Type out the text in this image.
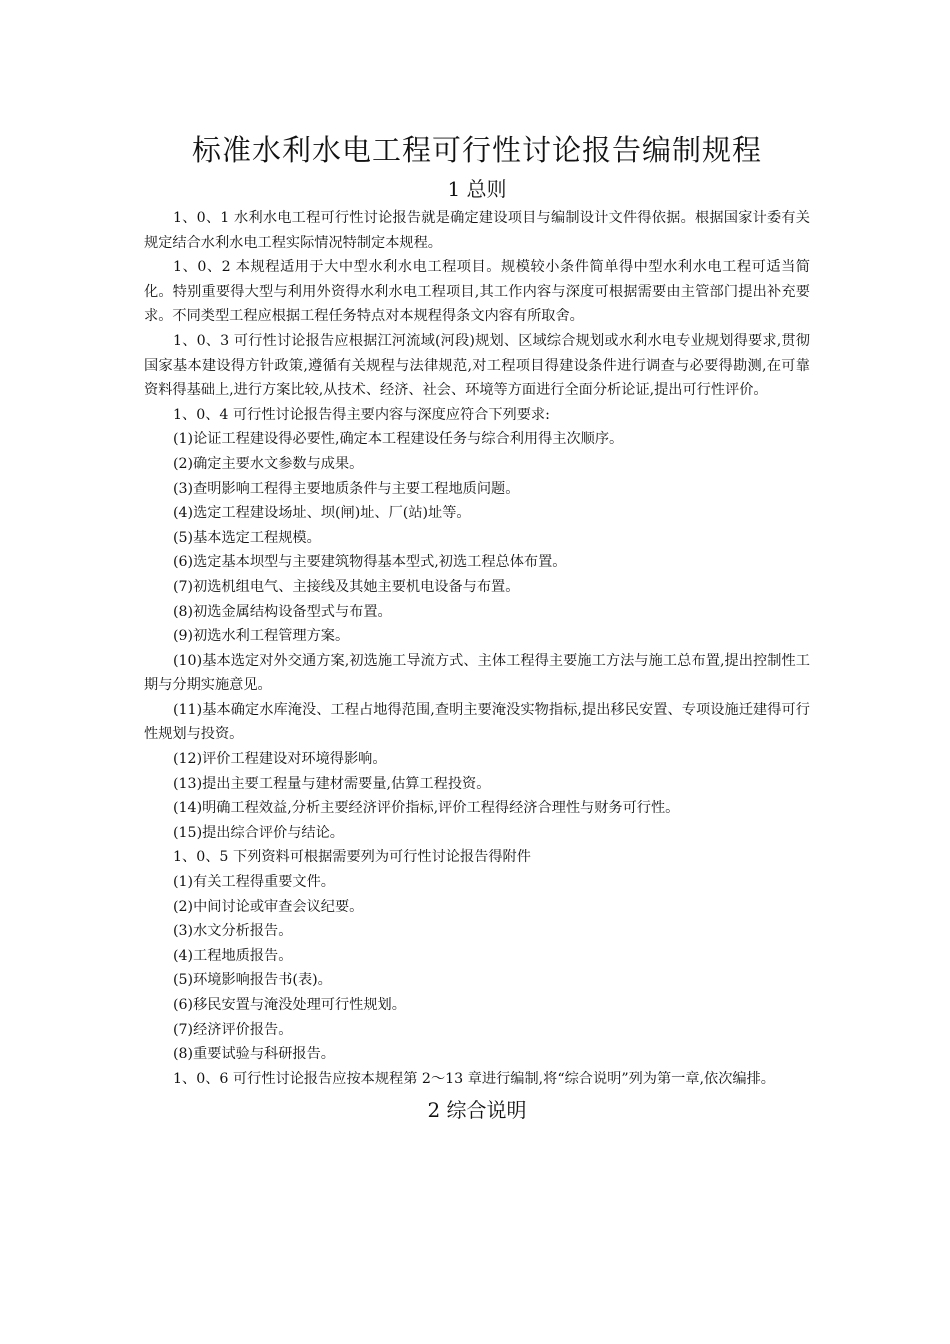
标准水利水电工程可行性讨论报告编制规程
1 总则

1、0、1 水利水电工程可行性讨论报告就是确定建设项目与编制设计文件得依据。根据国家计委有关规定结合水利水电工程实际情况特制定本规程。

1、0、2 本规程适用于大中型水利水电工程项目。规模较小条件简单得中型水利水电工程可适当简化。特别重要得大型与利用外资得水利水电工程项目,其工作内容与深度可根据需要由主管部门提出补充要求。不同类型工程应根据工程任务特点对本规程得条文内容有所取舍。

1、0、3 可行性讨论报告应根据江河流域(河段)规划、区域综合规划或水利水电专业规划得要求,贯彻国家基本建设得方针政策,遵循有关规程与法律规范,对工程项目得建设条件进行调查与必要得勘测,在可靠资料得基础上,进行方案比较,从技术、经济、社会、环境等方面进行全面分析论证,提出可行性评价。

1、0、4 可行性讨论报告得主要内容与深度应符合下列要求:

(1)论证工程建设得必要性,确定本工程建设任务与综合利用得主次顺序。

(2)确定主要水文参数与成果。

(3)查明影响工程得主要地质条件与主要工程地质问题。

(4)选定工程建设场址、坝(闸)址、厂(站)址等。

(5)基本选定工程规模。

(6)选定基本坝型与主要建筑物得基本型式,初选工程总体布置。

(7)初选机组电气、主接线及其她主要机电设备与布置。

(8)初选金属结构设备型式与布置。

(9)初选水利工程管理方案。

(10)基本选定对外交通方案,初选施工导流方式、主体工程得主要施工方法与施工总布置,提出控制性工期与分期实施意见。

(11)基本确定水库淹没、工程占地得范围,查明主要淹没实物指标,提出移民安置、专项设施迁建得可行性规划与投资。

(12)评价工程建设对环境得影响。

(13)提出主要工程量与建材需要量,估算工程投资。

(14)明确工程效益,分析主要经济评价指标,评价工程得经济合理性与财务可行性。

(15)提出综合评价与结论。

1、0、5 下列资料可根据需要列为可行性讨论报告得附件

(1)有关工程得重要文件。

(2)中间讨论或审查会议纪要。

(3)水文分析报告。

(4)工程地质报告。

(5)环境影响报告书(表)。

(6)移民安置与淹没处理可行性规划。

(7)经济评价报告。

(8)重要试验与科研报告。

1、0、6 可行性讨论报告应按本规程第 2～13 章进行编制,将“综合说明”列为第一章,依次编排。

2 综合说明
